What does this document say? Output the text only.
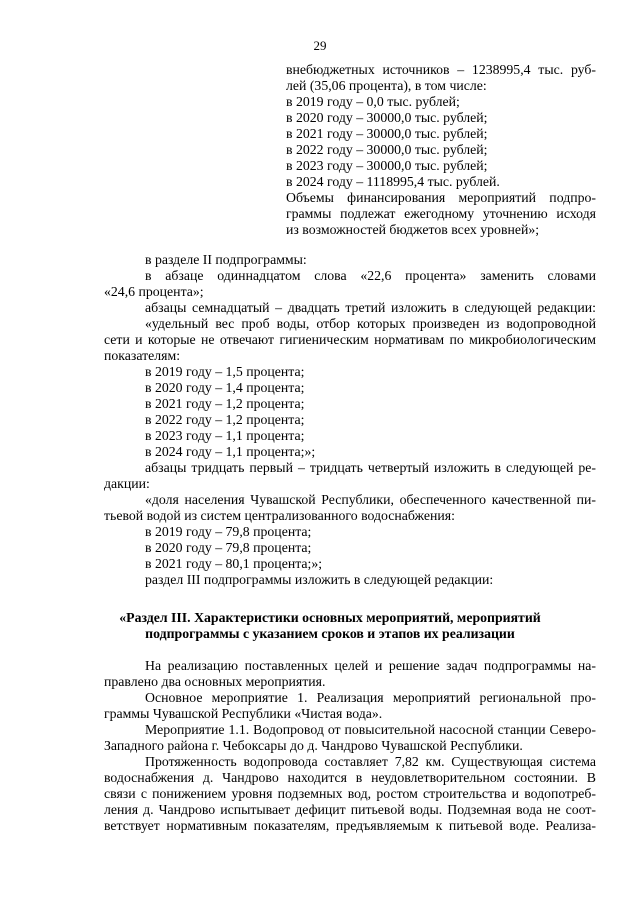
29
внебюджетных источников – 1238995,4 тыс. руб-
лей (35,06 процента), в том числе:
в 2019 году – 0,0 тыс. рублей;
в 2020 году – 30000,0 тыс. рублей;
в 2021 году – 30000,0 тыс. рублей;
в 2022 году – 30000,0 тыс. рублей;
в 2023 году – 30000,0 тыс. рублей;
в 2024 году – 1118995,4 тыс. рублей.
Объемы финансирования мероприятий подпро-
граммы подлежат ежегодному уточнению исходя
из возможностей бюджетов всех уровней»;
в разделе II подпрограммы:
в абзаце одиннадцатом слова «22,6 процента» заменить словами
«24,6 процента»;
абзацы семнадцатый – двадцать третий изложить в следующей редакции:
«удельный вес проб воды, отбор которых произведен из водопроводной
сети и которые не отвечают гигиеническим нормативам по микробиологическим
показателям:
в 2019 году – 1,5 процента;
в 2020 году – 1,4 процента;
в 2021 году – 1,2 процента;
в 2022 году – 1,2 процента;
в 2023 году – 1,1 процента;
в 2024 году – 1,1 процента;»;
абзацы тридцать первый – тридцать четвертый изложить в следующей ре-
дакции:
«доля населения Чувашской Республики, обеспеченного качественной пи-
тьевой водой из систем централизованного водоснабжения:
в 2019 году – 79,8 процента;
в 2020 году – 79,8 процента;
в 2021 году – 80,1 процента;»;
раздел III подпрограммы изложить в следующей редакции:
«Раздел III. Характеристики основных мероприятий, мероприятий
подпрограммы с указанием сроков и этапов их реализации
На реализацию поставленных целей и решение задач подпрограммы на-
правлено два основных мероприятия.
Основное мероприятие 1. Реализация мероприятий региональной про-
граммы Чувашской Республики «Чистая вода».
Мероприятие 1.1. Водопровод от повысительной насосной станции Северо-
Западного района г. Чебоксары до д. Чандрово Чувашской Республики.
Протяженность водопровода составляет 7,82 км. Существующая система
водоснабжения д. Чандрово находится в неудовлетворительном состоянии. В
связи с понижением уровня подземных вод, ростом строительства и водопотреб-
ления д. Чандрово испытывает дефицит питьевой воды. Подземная вода не соот-
ветствует нормативным показателям, предъявляемым к питьевой воде. Реализа-
